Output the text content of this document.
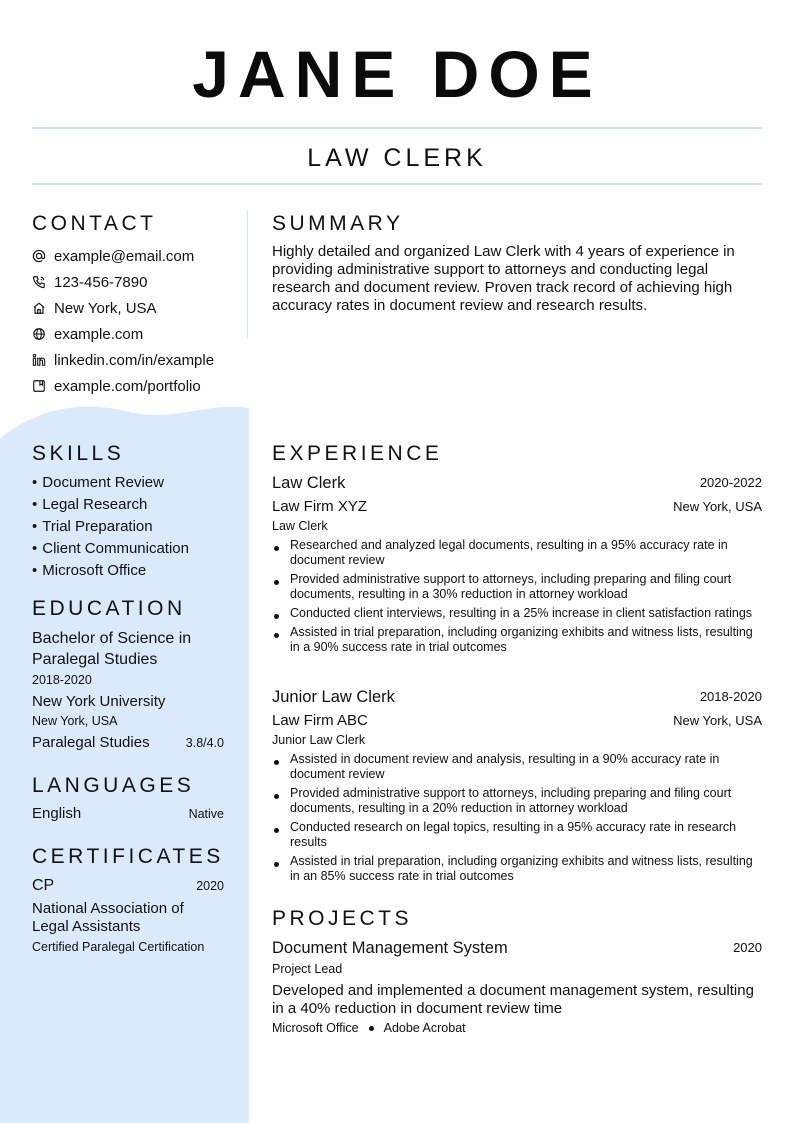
JANE DOE
LAW CLERK
CONTACT
example@email.com
123-456-7890
New York, USA
example.com
linkedin.com/in/example
example.com/portfolio
SUMMARY
Highly detailed and organized Law Clerk with 4 years of experience in providing administrative support to attorneys and conducting legal research and document review. Proven track record of achieving high accuracy rates in document review and research results.
SKILLS
• Document Review
• Legal Research
• Trial Preparation
• Client Communication
• Microsoft Office
EDUCATION
Bachelor of Science in Paralegal Studies
2018-2020
New York University
New York, USA
Paralegal Studies	3.8/4.0
LANGUAGES
English	Native
CERTIFICATES
CP	2020
National Association of Legal Assistants
Certified Paralegal Certification
EXPERIENCE
Law Clerk	2020-2022
Law Firm XYZ	New York, USA
Law Clerk
Researched and analyzed legal documents, resulting in a 95% accuracy rate in document review
Provided administrative support to attorneys, including preparing and filing court documents, resulting in a 30% reduction in attorney workload
Conducted client interviews, resulting in a 25% increase in client satisfaction ratings
Assisted in trial preparation, including organizing exhibits and witness lists, resulting in a 90% success rate in trial outcomes
Junior Law Clerk	2018-2020
Law Firm ABC	New York, USA
Junior Law Clerk
Assisted in document review and analysis, resulting in a 90% accuracy rate in document review
Provided administrative support to attorneys, including preparing and filing court documents, resulting in a 20% reduction in attorney workload
Conducted research on legal topics, resulting in a 95% accuracy rate in research results
Assisted in trial preparation, including organizing exhibits and witness lists, resulting in an 85% success rate in trial outcomes
PROJECTS
Document Management System	2020
Project Lead
Developed and implemented a document management system, resulting in a 40% reduction in document review time
Microsoft Office Adobe Acrobat
